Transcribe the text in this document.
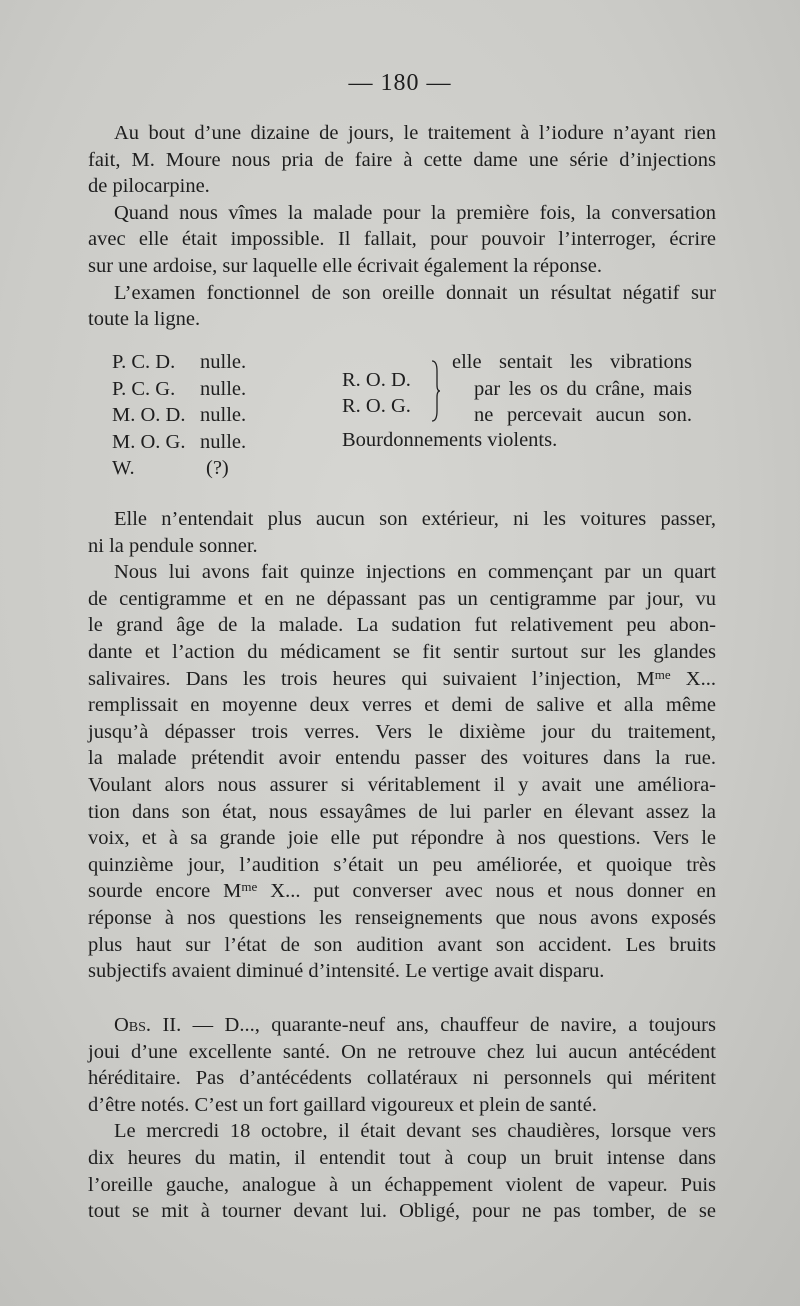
— 180 —
Au bout d’une dizaine de jours, le traitement à l’iodure n’ayant rien
fait, M. Moure nous pria de faire à cette dame une série d’injections
de pilocarpine.
Quand nous vîmes la malade pour la première fois, la conversation
avec elle était impossible. Il fallait, pour pouvoir l’interroger, écrire
sur une ardoise, sur laquelle elle écrivait également la réponse.
L’examen fonctionnel de son oreille donnait un résultat négatif sur
toute la ligne.
P. C. D. nulle.
P. C. G. nulle.
M. O. D. nulle.
M. O. G. nulle.
W.	(?)
R. O. D.
R. O. G.
elle sentait les vibrations
par les os du crâne, mais
ne percevait aucun son.
Bourdonnements violents.
Elle n’entendait plus aucun son extérieur, ni les voitures passer,
ni la pendule sonner.
Nous lui avons fait quinze injections en commençant par un quart
de centigramme et en ne dépassant pas un centigramme par jour, vu
le grand âge de la malade. La sudation fut relativement peu abon-
dante et l’action du médicament se fit sentir surtout sur les glandes
salivaires. Dans les trois heures qui suivaient l’injection, $M^{me}$ X...
remplissait en moyenne deux verres et demi de salive et alla même
jusqu’à dépasser trois verres. Vers le dixième jour du traitement,
la malade prétendit avoir entendu passer des voitures dans la rue.
Voulant alors nous assurer si véritablement il y avait une améliora-
tion dans son état, nous essayâmes de lui parler en élevant assez la
voix, et à sa grande joie elle put répondre à nos questions. Vers le
quinzième jour, l’audition s’était un peu améliorée, et quoique très
sourde encore $M^{me}$ X... put converser avec nous et nous donner en
réponse à nos questions les renseignements que nous avons exposés
plus haut sur l’état de son audition avant son accident. Les bruits
subjectifs avaient diminué d’intensité. Le vertige avait disparu.
Obs. II. — D..., quarante-neuf ans, chauffeur de navire, a toujours
joui d’une excellente santé. On ne retrouve chez lui aucun antécédent
héréditaire. Pas d’antécédents collatéraux ni personnels qui méritent
d’être notés. C’est un fort gaillard vigoureux et plein de santé.
Le mercredi 18 octobre, il était devant ses chaudières, lorsque vers
dix heures du matin, il entendit tout à coup un bruit intense dans
l’oreille gauche, analogue à un échappement violent de vapeur. Puis
tout se mit à tourner devant lui. Obligé, pour ne pas tomber, de se
